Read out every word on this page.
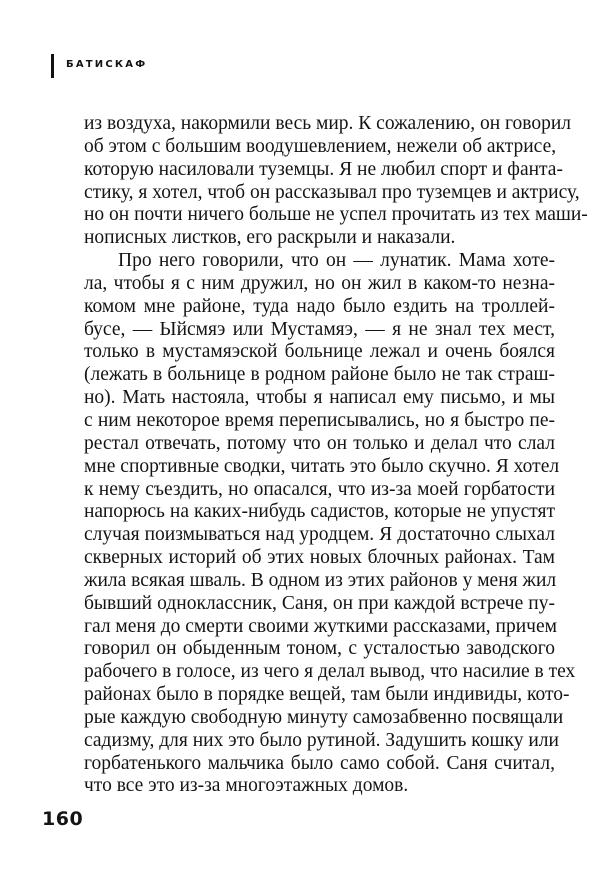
БАТИСКАФ
из воздуха, накормили весь мир. К сожалению, он говорил
об этом с большим воодушевлением, нежели об актрисе,
которую насиловали туземцы. Я не любил спорт и фанта-
стику, я хотел, чтоб он рассказывал про туземцев и актрису,
но он почти ничего больше не успел прочитать из тех маши-
нописных листков, его раскрыли и наказали.
Про него говорили, что он — лунатик. Мама хоте-
ла, чтобы я с ним дружил, но он жил в каком-то незна-
комом мне районе, туда надо было ездить на троллей-
бусе, — Ыйсмяэ или Мустамяэ, — я не знал тех мест,
только в мустамяэской больнице лежал и очень боялся
(лежать в больнице в родном районе было не так страш-
но). Мать настояла, чтобы я написал ему письмо, и мы
с ним некоторое время переписывались, но я быстро пе-
рестал отвечать, потому что он только и делал что слал
мне спортивные сводки, читать это было скучно. Я хотел
к нему съездить, но опасался, что из-за моей горбатости
напорюсь на каких-нибудь садистов, которые не упустят
случая поизмываться над уродцем. Я достаточно слыхал
скверных историй об этих новых блочных районах. Там
жила всякая шваль. В одном из этих районов у меня жил
бывший одноклассник, Саня, он при каждой встрече пу-
гал меня до смерти своими жуткими рассказами, причем
говорил он обыденным тоном, с усталостью заводского
рабочего в голосе, из чего я делал вывод, что насилие в тех
районах было в порядке вещей, там были индивиды, кото-
рые каждую свободную минуту самозабвенно посвящали
садизму, для них это было рутиной. Задушить кошку или
горбатенького мальчика было само собой. Саня считал,
что все это из-за многоэтажных домов.
160
